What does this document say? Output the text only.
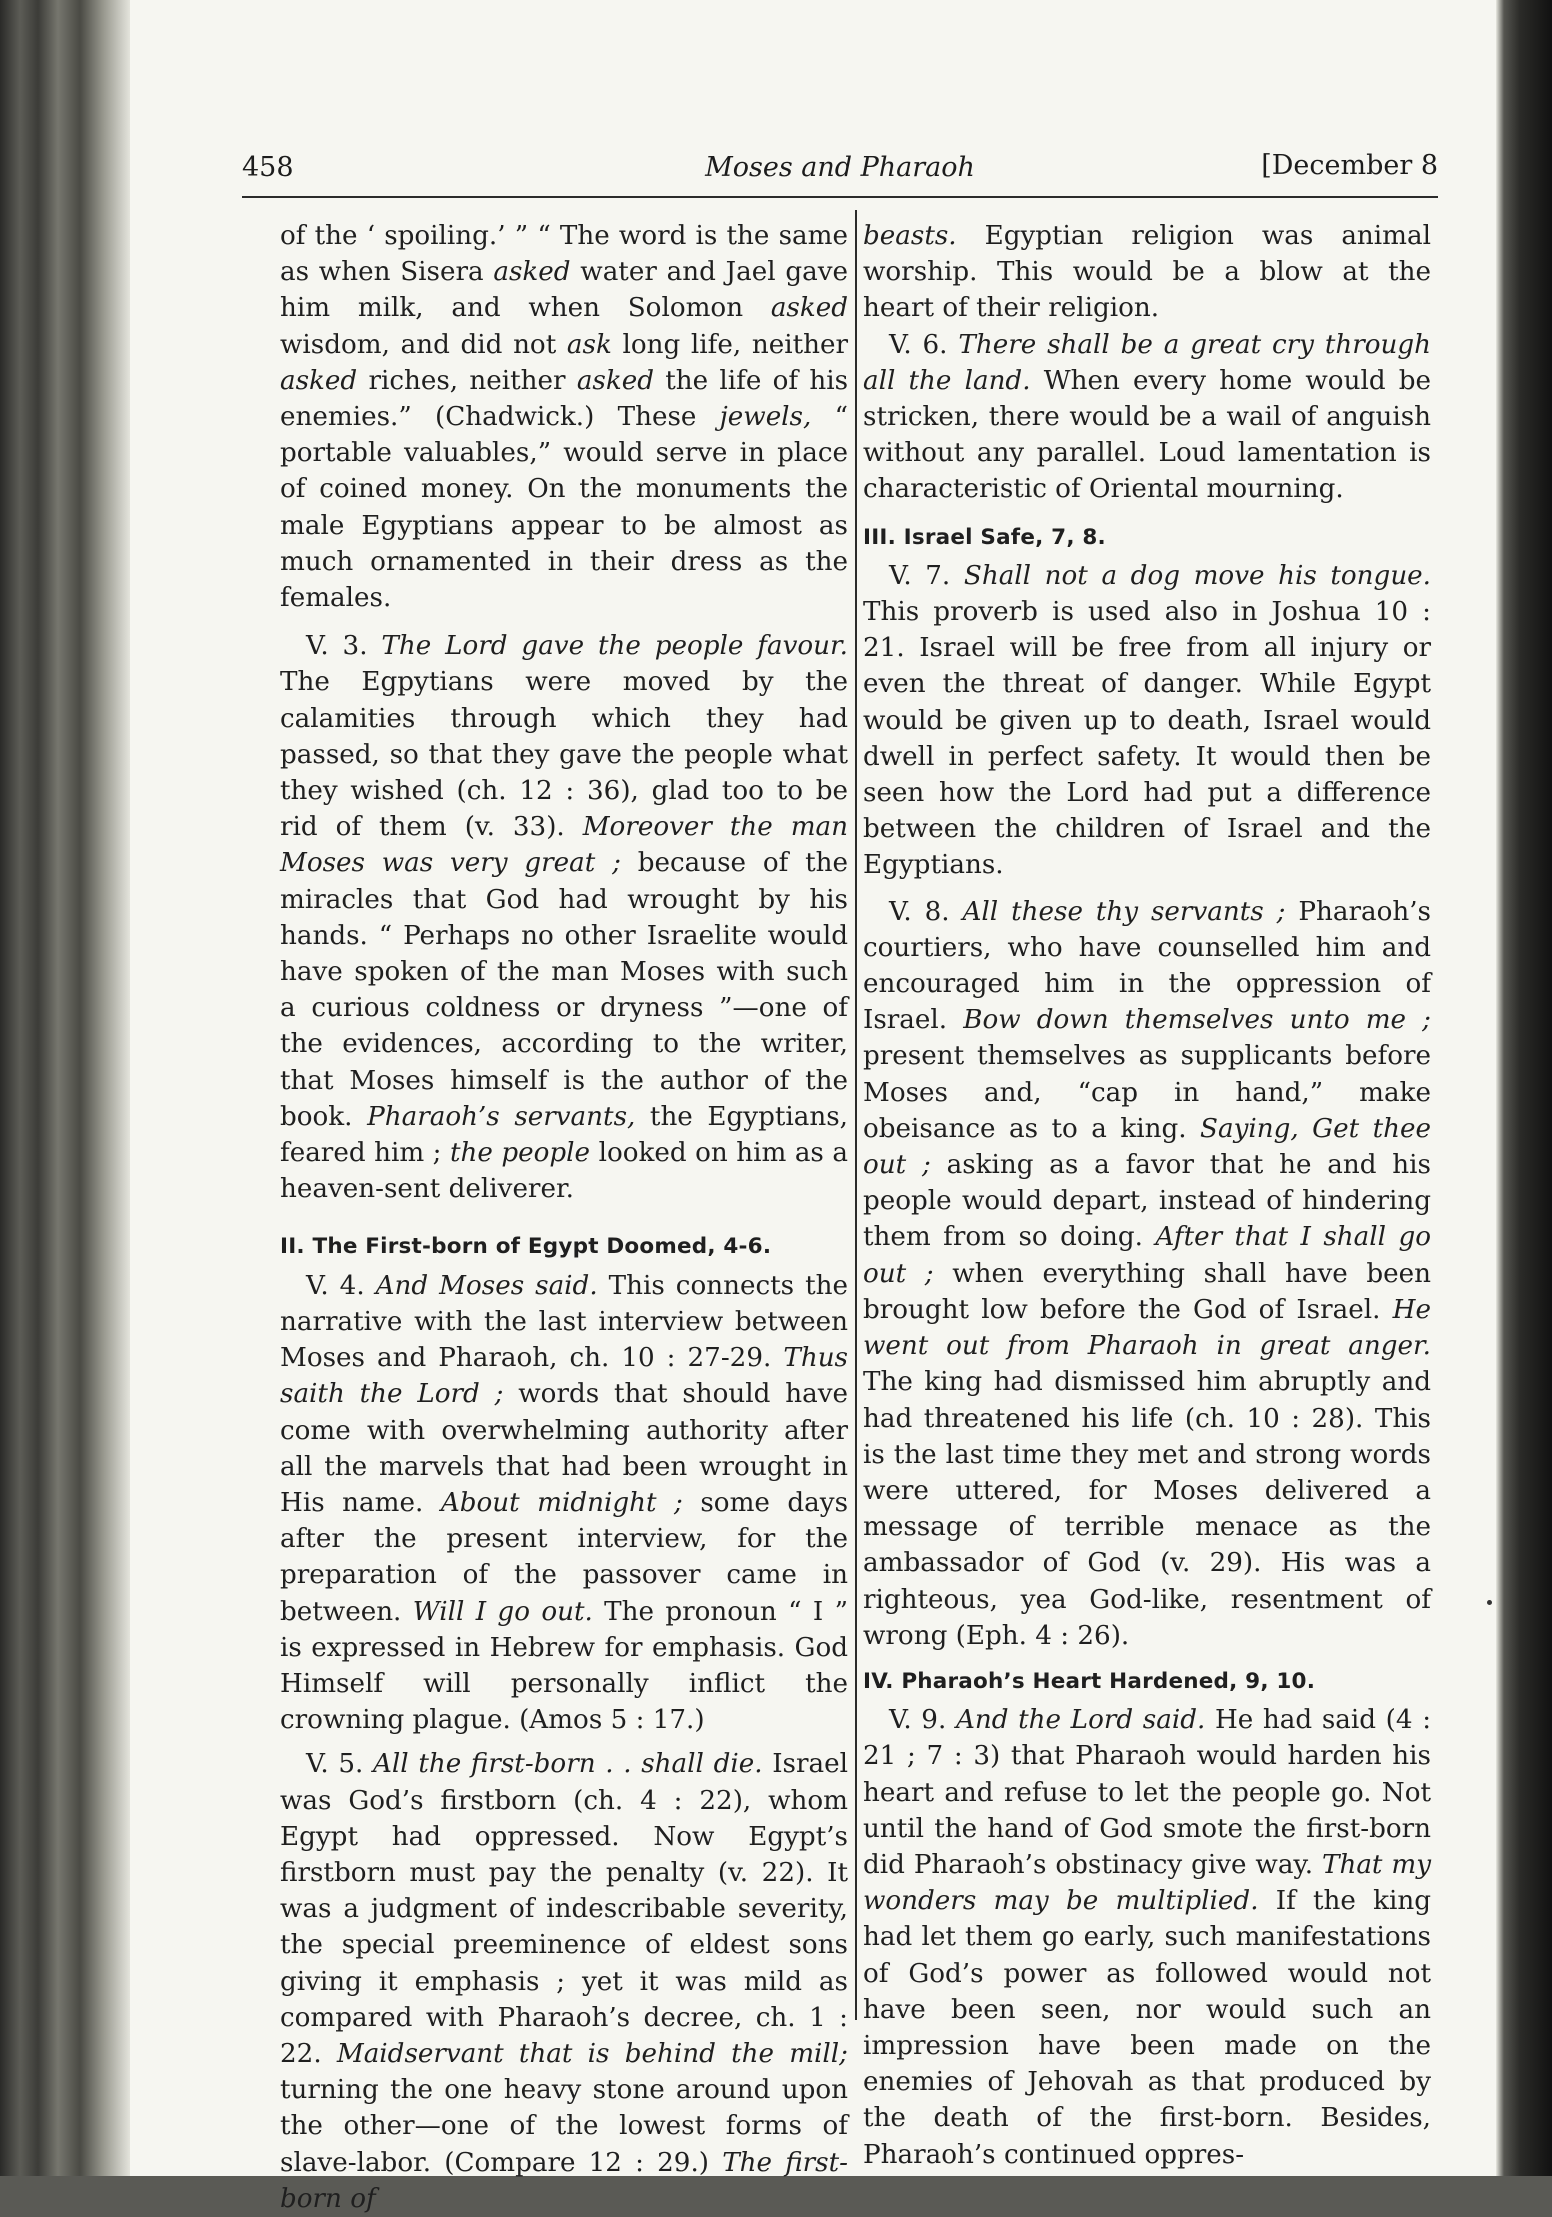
458	Moses and Pharaoh	[December 8

of the ‘ spoiling.’ ” “ The word is the same as when Sisera asked water and Jael gave him milk, and when Solomon asked wisdom, and did not ask long life, neither asked riches, neither asked the life of his enemies.” (Chadwick.) These jewels, “ portable valuables,” would serve in place of coined money. On the monuments the male Egyptians appear to be almost as much ornamented in their dress as the females.

V. 3. The Lord gave the people favour. The Egpytians were moved by the calamities through which they had passed, so that they gave the people what they wished (ch. 12 : 36), glad too to be rid of them (v. 33). Moreover the man Moses was very great ; because of the miracles that God had wrought by his hands. “ Perhaps no other Israelite would have spoken of the man Moses with such a curious coldness or dryness ”—one of the evidences, according to the writer, that Moses himself is the author of the book. Pharaoh’s servants, the Egyptians, feared him ; the people looked on him as a heaven-sent deliverer.

II. The First-born of Egypt Doomed, 4-6.

V. 4. And Moses said. This connects the narrative with the last interview between Moses and Pharaoh, ch. 10 : 27-29. Thus saith the Lord ; words that should have come with overwhelming authority after all the marvels that had been wrought in His name. About midnight ; some days after the present interview, for the preparation of the passover came in between. Will I go out. The pronoun “ I ” is expressed in Hebrew for emphasis. God Himself will personally inflict the crowning plague. (Amos 5 : 17.)

V. 5. All the first-born . . shall die. Israel was God’s firstborn (ch. 4 : 22), whom Egypt had oppressed. Now Egypt’s firstborn must pay the penalty (v. 22). It was a judgment of indescribable severity, the special preeminence of eldest sons giving it emphasis ; yet it was mild as compared with Pharaoh’s decree, ch. 1 : 22. Maidservant that is behind the mill; turning the one heavy stone around upon the other—one of the lowest forms of slave-labor. (Compare 12 : 29.) The first-born of

beasts. Egyptian religion was animal worship. This would be a blow at the heart of their religion.

V. 6. There shall be a great cry through all the land. When every home would be stricken, there would be a wail of anguish without any parallel. Loud lamentation is characteristic of Oriental mourning.

III. Israel Safe, 7, 8.

V. 7. Shall not a dog move his tongue. This proverb is used also in Joshua 10 : 21. Israel will be free from all injury or even the threat of danger. While Egypt would be given up to death, Israel would dwell in perfect safety. It would then be seen how the Lord had put a difference between the children of Israel and the Egyptians.

V. 8. All these thy servants ; Pharaoh’s courtiers, who have counselled him and encouraged him in the oppression of Israel. Bow down themselves unto me ; present themselves as supplicants before Moses and, “cap in hand,” make obeisance as to a king. Saying, Get thee out ; asking as a favor that he and his people would depart, instead of hindering them from so doing. After that I shall go out ; when everything shall have been brought low before the God of Israel. He went out from Pharaoh in great anger. The king had dismissed him abruptly and had threatened his life (ch. 10 : 28). This is the last time they met and strong words were uttered, for Moses delivered a message of terrible menace as the ambassador of God (v. 29). His was a righteous, yea God-like, resentment of wrong (Eph. 4 : 26).

IV. Pharaoh’s Heart Hardened, 9, 10.

V. 9. And the Lord said. He had said (4 : 21 ; 7 : 3) that Pharaoh would harden his heart and refuse to let the people go. Not until the hand of God smote the first-born did Pharaoh’s obstinacy give way. That my wonders may be multiplied. If the king had let them go early, such manifestations of God’s power as followed would not have been seen, nor would such an impression have been made on the enemies of Jehovah as that produced by the death of the first-born. Besides, Pharaoh’s continued oppres-
